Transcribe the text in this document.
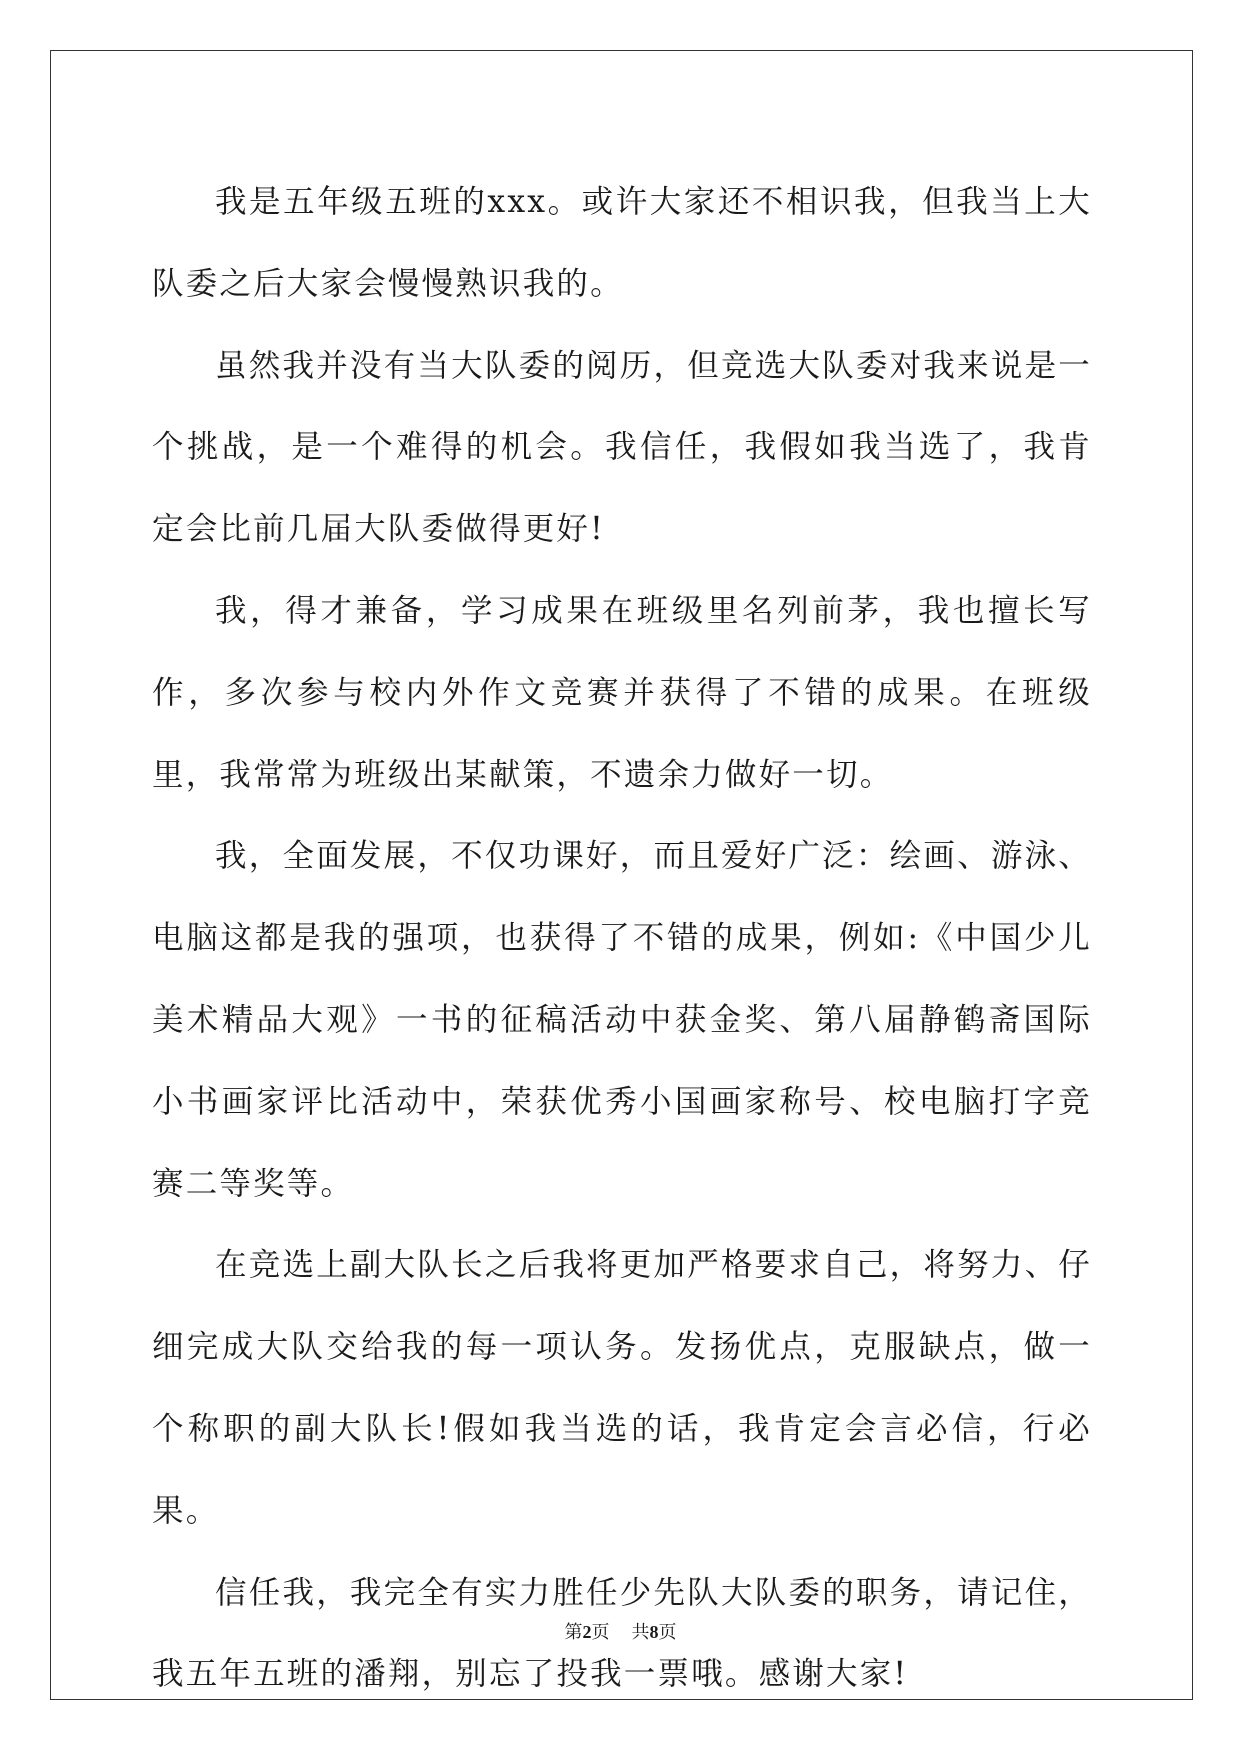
我是五年级五班的xxx。或许大家还不相识我，但我当上大队委之后大家会慢慢熟识我的。

虽然我并没有当大队委的阅历，但竞选大队委对我来说是一个挑战，是一个难得的机会。我信任，我假如我当选了，我肯定会比前几届大队委做得更好!

我，得才兼备，学习成果在班级里名列前茅，我也擅长写作，多次参与校内外作文竞赛并获得了不错的成果。在班级里，我常常为班级出某献策，不遗余力做好一切。

我，全面发展，不仅功课好，而且爱好广泛：绘画、游泳、电脑这都是我的强项，也获得了不错的成果，例如:《中国少儿美术精品大观》一书的征稿活动中获金奖、第八届静鹤斋国际小书画家评比活动中，荣获优秀小国画家称号、校电脑打字竞赛二等奖等。

在竞选上副大队长之后我将更加严格要求自己，将努力、仔细完成大队交给我的每一项认务。发扬优点，克服缺点，做一个称职的副大队长!假如我当选的话，我肯定会言必信，行必果。

信任我，我完全有实力胜任少先队大队委的职务，请记住，我五年五班的潘翔，别忘了投我一票哦。感谢大家!

第2页 共8页
